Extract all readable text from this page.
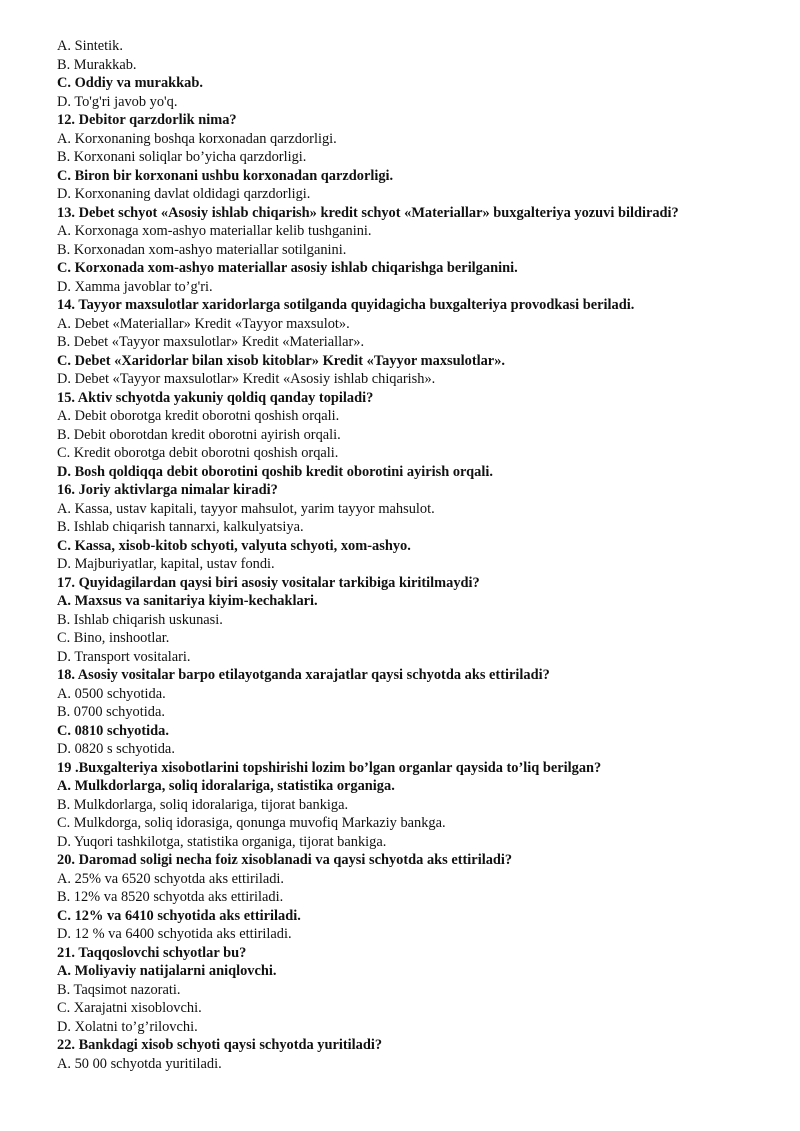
A. Sintetik.
B. Murakkab.
C. Oddiy va murakkab.
D. To'g'ri javob yo'q.
12. Debitor qarzdorlik nima?
A. Korxonaning boshqa korxonadan qarzdorligi.
B. Korxonani soliqlar bo’yicha qarzdorligi.
C. Biron bir korxonani ushbu korxonadan qarzdorligi.
D. Korxonaning davlat oldidagi qarzdorligi.
13. Debet schyot «Asosiy ishlab chiqarish» kredit schyot «Materiallar» buxgalteriya yozuvi bildiradi?
A. Korxonaga xom-ashyo materiallar kelib tushganini.
B. Korxonadan xom-ashyo materiallar sotilganini.
C. Korxonada xom-ashyo materiallar asosiy ishlab chiqarishga berilganini.
D. Xamma javoblar to’g'ri.
14. Tayyor maxsulotlar xaridorlarga sotilganda quyidagicha buxgalteriya provodkasi beriladi.
A. Debet «Materiallar» Kredit «Tayyor maxsulot».
B. Debet «Tayyor maxsulotlar» Kredit «Materiallar».
C. Debet «Xaridorlar bilan xisob kitoblar» Kredit «Tayyor maxsulotlar».
D. Debet «Tayyor maxsulotlar» Kredit «Asosiy ishlab chiqarish».
15. Aktiv schyotda yakuniy qoldiq qanday topiladi?
A. Debit oborotga kredit oborotni qoshish orqali.
B. Debit oborotdan kredit oborotni ayirish orqali.
C. Kredit oborotga debit oborotni qoshish orqali.
D. Bosh qoldiqqa debit oborotini qoshib kredit oborotini ayirish orqali.
16. Joriy aktivlarga nimalar kiradi?
A. Kassa, ustav kapitali, tayyor mahsulot, yarim tayyor mahsulot.
B. Ishlab chiqarish tannarxi, kalkulyatsiya.
C. Kassa, xisob-kitob schyoti, valyuta schyoti, xom-ashyo.
D. Majburiyatlar, kapital, ustav fondi.
17. Quyidagilardan qaysi biri asosiy vositalar tarkibiga kiritilmaydi?
A. Maxsus va sanitariya kiyim-kechaklari.
B. Ishlab chiqarish uskunasi.
C. Bino, inshootlar.
D. Transport vositalari.
18. Asosiy vositalar barpo etilayotganda xarajatlar qaysi schyotda aks ettiriladi?
A. 0500 schyotida.
B. 0700 schyotida.
C. 0810 schyotida.
D. 0820 s schyotida.
19 .Buxgalteriya xisobotlarini topshirishi lozim bo’lgan organlar qaysida to’liq berilgan?
A. Mulkdorlarga, soliq idoralariga, statistika organiga.
B. Mulkdorlarga, soliq idoralariga, tijorat bankiga.
C. Mulkdorga, soliq idorasiga, qonunga muvofiq Markaziy bankga.
D. Yuqori tashkilotga, statistika organiga, tijorat bankiga.
20. Daromad soligi necha foiz xisoblanadi va qaysi schyotda aks ettiriladi?
A. 25% va 6520 schyotda aks ettiriladi.
B. 12% va 8520 schyotda aks ettiriladi.
C. 12% va 6410 schyotida aks ettiriladi.
D. 12 % va 6400 schyotida aks ettiriladi.
21. Taqqoslovchi schyotlar bu?
A. Moliyaviy natijalarni aniqlovchi.
B. Taqsimot nazorati.
C. Xarajatni xisoblovchi.
D. Xolatni to’g’rilovchi.
22. Bankdagi xisob schyoti qaysi schyotda yuritiladi?
A. 50 00 schyotda yuritiladi.
